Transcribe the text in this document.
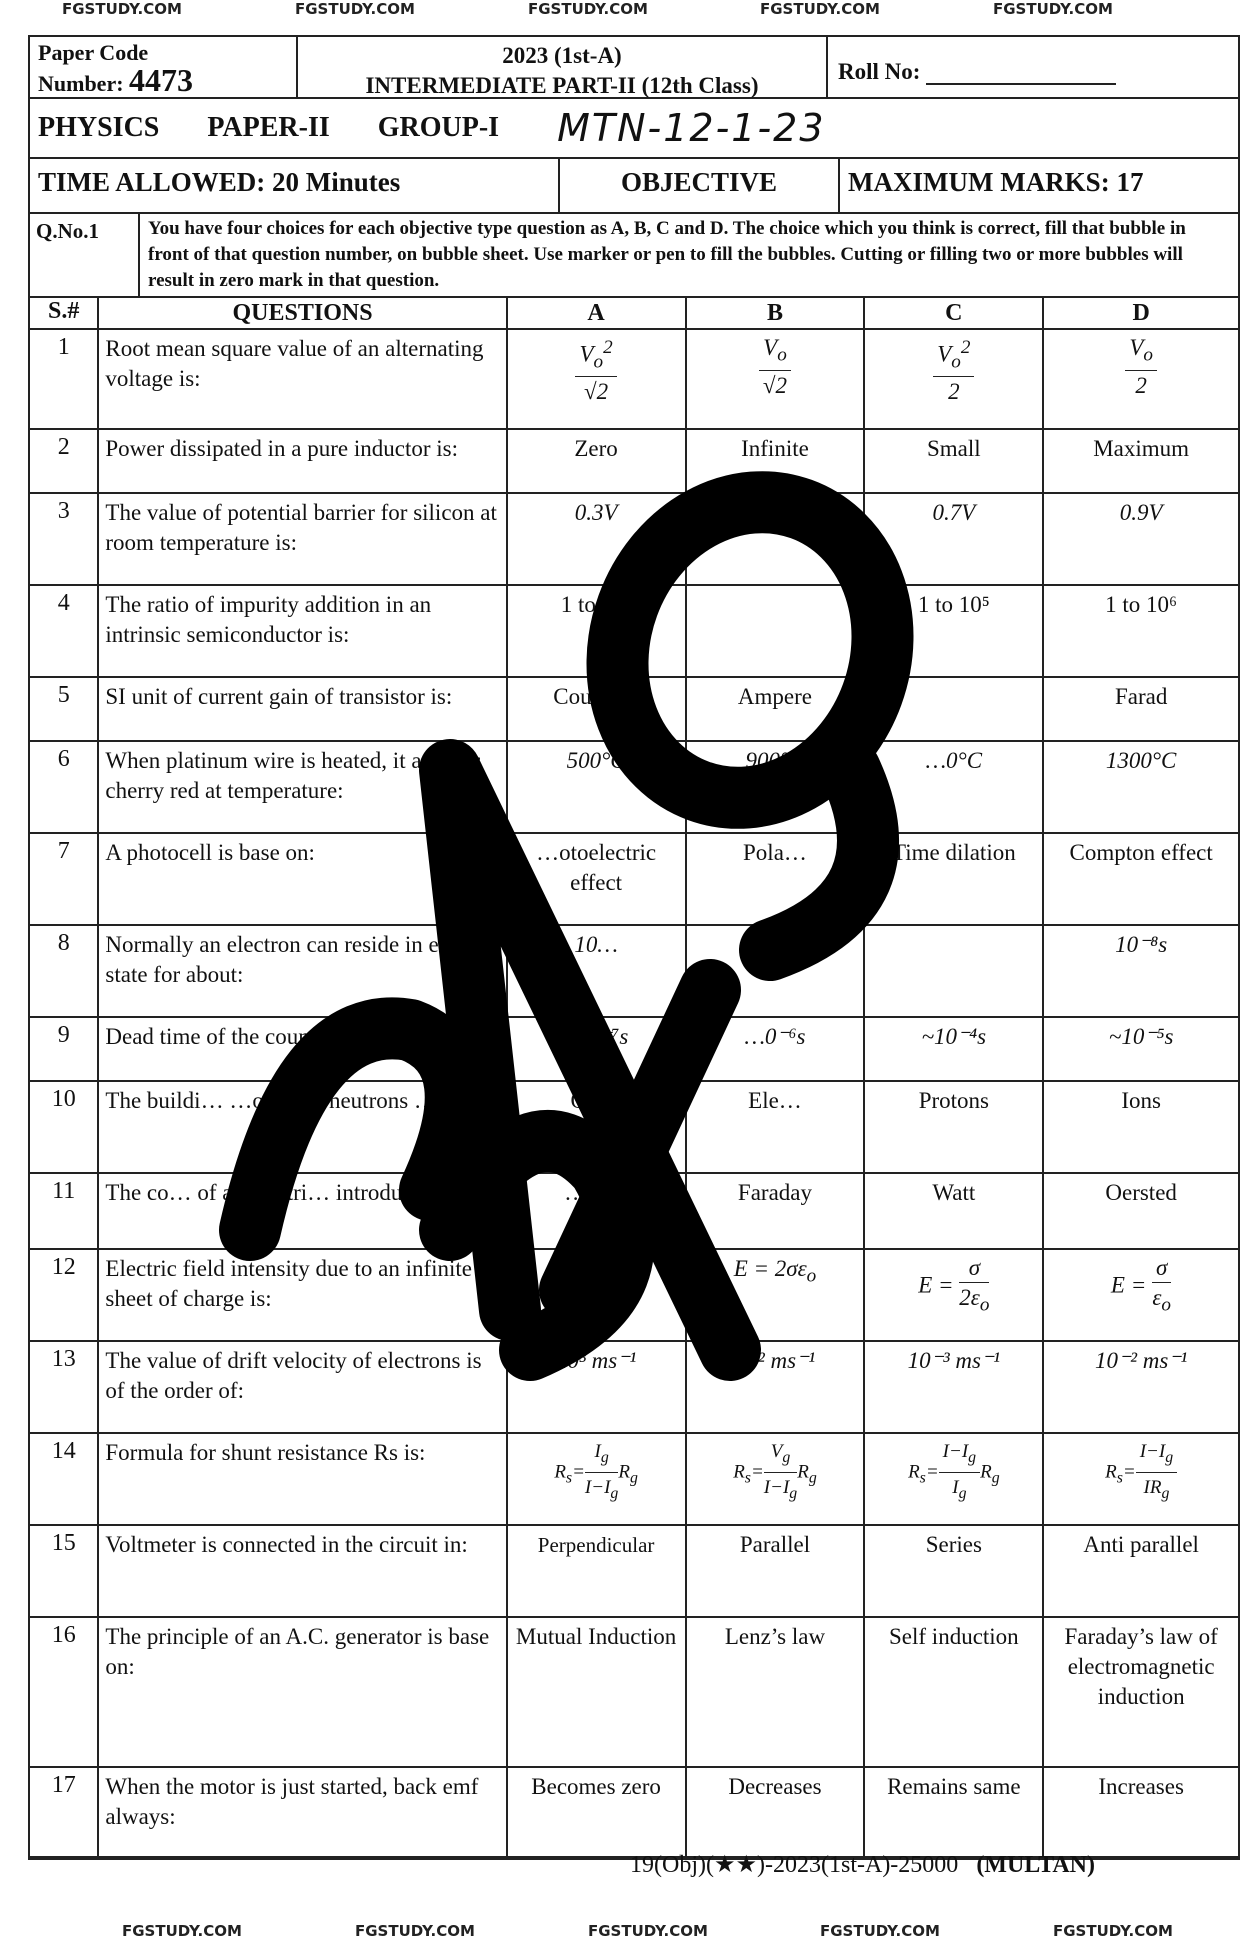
FGSTUDY.COM	FGSTUDY.COM	FGSTUDY.COM	FGSTUDY.COM	FGSTUDY.COM
Paper Code
Number: 4473
2023 (1st-A)
INTERMEDIATE PART-II (12th Class)
Roll No:
PHYSICS PAPER-II GROUP-I MTN-12-1-23
TIME ALLOWED: 20 Minutes	OBJECTIVE	MAXIMUM MARKS: 17
Q.No.1	You have four choices for each objective type question as A, B, C and D. The choice which you think is correct, fill that bubble in front of that question number, on bubble sheet. Use marker or pen to fill the bubbles. Cutting or filling two or more bubbles will result in zero mark in that question.
S.#	QUESTIONS	A	B	C	D
1	Root mean square value of an alternating voltage is:	$\frac{V_o^2}{√2}$	$\frac{V_o}{√2}$	$\frac{V_o^2}{2}$	$\frac{V_o}{2}$

2	Power dissipated in a pure inductor is:	Zero	Infinite	Small	Maximum
3	The value of potential barrier for silicon at room temperature is:	0.3V	0.5V	0.7V	0.9V
4	The ratio of impurity addition in an intrinsic semiconductor is:	1 to 10³		1 to 10⁵	1 to 10⁶
5	SI unit of current gain of transistor is:	Coulomb	Ampere		Farad
6	When platinum wire is heated, it appears cherry red at temperature:	500°C	900°C	…0°C	1300°C
7	A photocell is base on:	…otoelectric effect	Pola…	Time dilation	Compton effect
8	Normally an electron can reside in excited state for about:	10…	10⁻⁴s		10⁻⁸s
9	Dead time of the counter is:	~10⁻⁷s	…0⁻⁶s	~10⁻⁴s	~10⁻⁵s
10	The buildi… …ons and neutrons …alled:	Qu…	Ele…	Protons	Ions
11	The co… of an electri… introduc…	…enry	Faraday	Watt	Oersted
12	Electric field intensity due to an infinite sheet of charge is:	$E = \frac{2\sigma}{\varepsilon_o}$	$E = 2\sigma\varepsilon_o$	$E = \frac{\sigma}{2\varepsilon_o}$	$E = \frac{\sigma}{\varepsilon_o}$

13	The value of drift velocity of electrons is of the order of:	10³ ms⁻¹	10² ms⁻¹	10⁻³ ms⁻¹	10⁻² ms⁻¹
14	Formula for shunt resistance Rs is:	$R_s= \frac{I_g}{I-I_g} R_g$	$R_s= \frac{V_g}{I-I_g} R_g$	$R_s= \frac{I-I_g}{I_g} R_g$	$R_s= \frac{I-I_g}{IR_g}$

15	Voltmeter is connected in the circuit in:	Perpendicular	Parallel	Series	Anti parallel
16	The principle of an A.C. generator is base on:	Mutual Induction	Lenz’s law	Self induction	Faraday’s law of electromagnetic induction
17	When the motor is just started, back emf always:	Becomes zero	Decreases	Remains same	Increases
19(Obj)(★★)-2023(1st-A)-25000 (MULTAN)
FGSTUDY.COM	FGSTUDY.COM	FGSTUDY.COM	FGSTUDY.COM	FGSTUDY.COM
